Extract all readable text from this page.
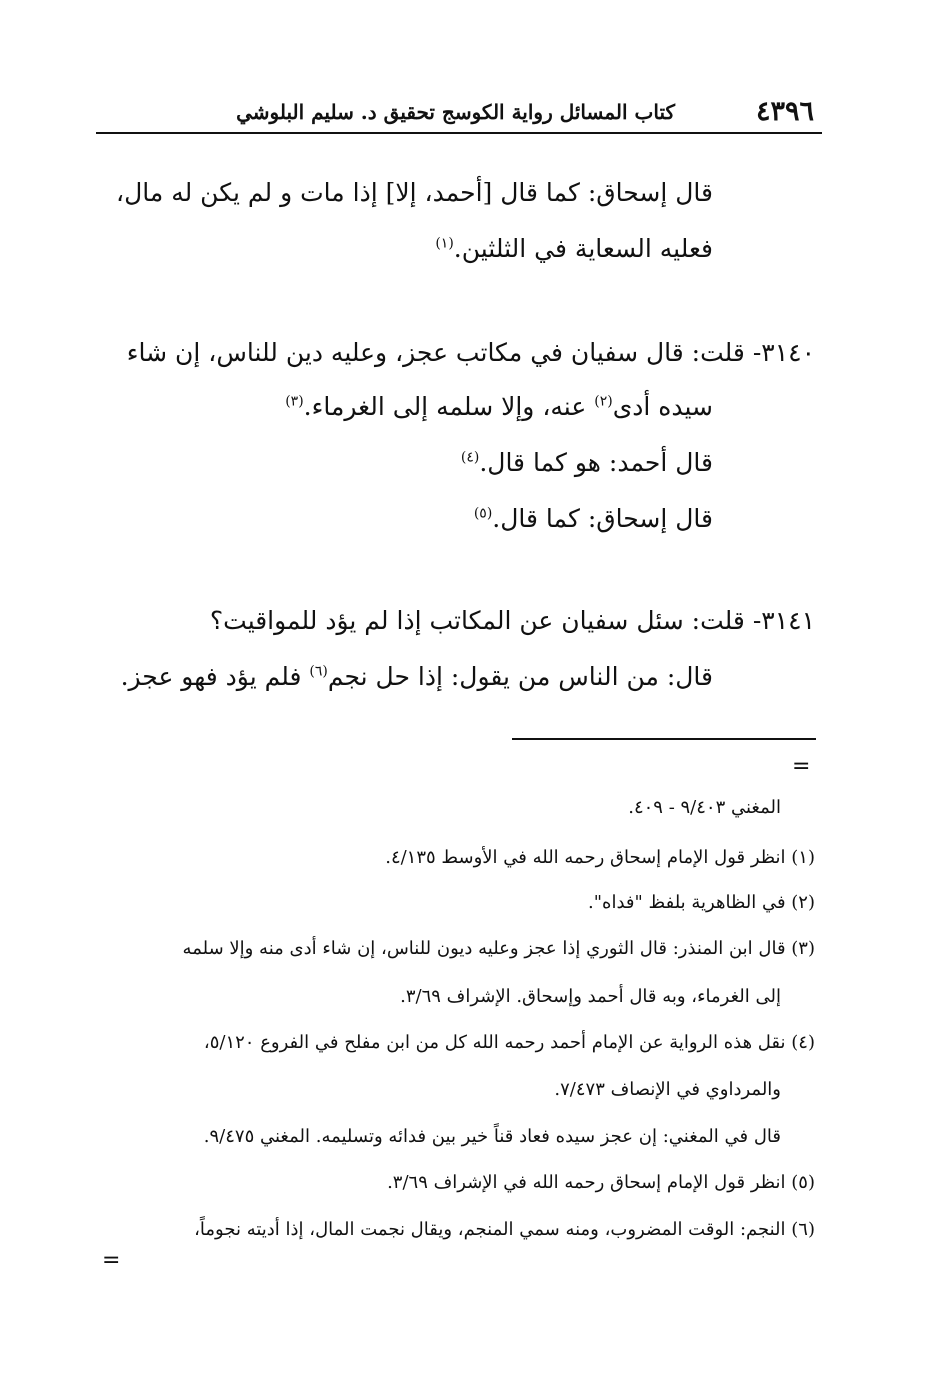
٤٣٩٦
كتاب المسائل رواية الكوسج تحقيق د. سليم البلوشي
قال إسحاق: كما قال [أحمد، إلا] إذا مات و لم يكن له مال،
فعليه السعاية في الثلثين.$^{(١)}$
٣١٤٠- قلت: قال سفيان في مكاتب عجز، وعليه دين للناس، إن شاء
سيده أدى$^{(٢)}$ عنه، وإلا سلمه إلى الغرماء.$^{(٣)}$
قال أحمد: هو كما قال.$^{(٤)}$
قال إسحاق: كما قال.$^{(٥)}$
٣١٤١- قلت: سئل سفيان عن المكاتب إذا لم يؤد للمواقيت؟
قال: من الناس من يقول: إذا حل نجم$^{(٦)}$ فلم يؤد فهو عجز.
=
المغني ٩/٤٠٣ - ٤٠٩.
(١) انظر قول الإمام إسحاق رحمه الله في الأوسط ٤/١٣٥.
(٢) في الظاهرية بلفظ "فداه".
(٣) قال ابن المنذر: قال الثوري إذا عجز وعليه ديون للناس، إن شاء أدى منه وإلا سلمه
إلى الغرماء، وبه قال أحمد وإسحاق. الإشراف ٣/٦٩.
(٤) نقل هذه الرواية عن الإمام أحمد رحمه الله كل من ابن مفلح في الفروع ٥/١٢٠،
والمرداوي في الإنصاف ٧/٤٧٣.
قال في المغني: إن عجز سيده فعاد قناً خير بين فدائه وتسليمه. المغني ٩/٤٧٥.
(٥) انظر قول الإمام إسحاق رحمه الله في الإشراف ٣/٦٩.
(٦) النجم: الوقت المضروب، ومنه سمي المنجم، ويقال نجمت المال، إذا أديته نجوماً،
=
